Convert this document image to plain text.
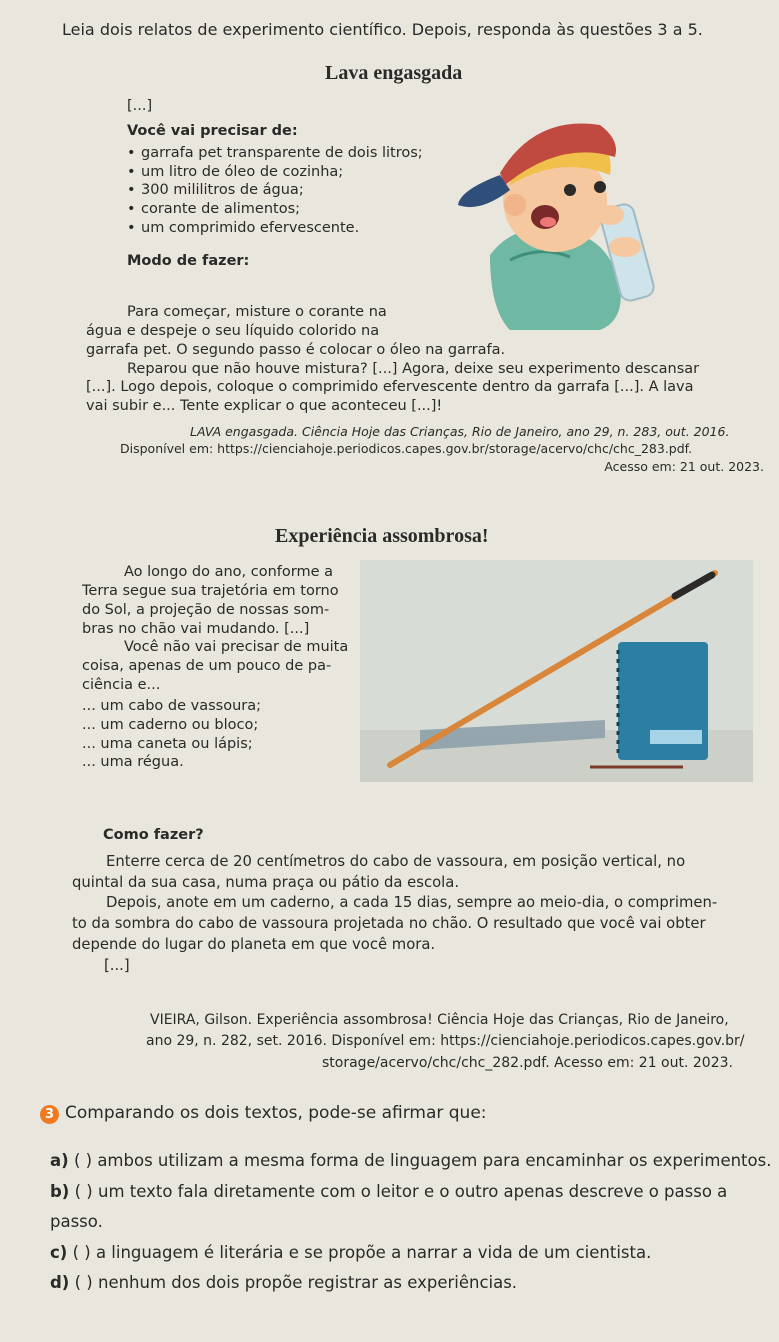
Leia dois relatos de experimento científico. Depois, responda às questões 3 a 5.
Lava engasgada
[...]
Você vai precisar de:
• garrafa pet transparente de dois litros;
• um litro de óleo de cozinha;
• 300 mililitros de água;
• corante de alimentos;
• um comprimido efervescente.
Modo de fazer:
Para começar, misture o corante na
água e despeje o seu líquido colorido na
garrafa pet. O segundo passo é colocar o óleo na garrafa.
Reparou que não houve mistura? [...] Agora, deixe seu experimento descansar
[...]. Logo depois, coloque o comprimido efervescente dentro da garrafa [...]. A lava
vai subir e... Tente explicar o que aconteceu [...]!
LAVA engasgada. Ciência Hoje das Crianças, Rio de Janeiro, ano 29, n. 283, out. 2016.
Disponível em: https://cienciahoje.periodicos.capes.gov.br/storage/acervo/chc/chc_283.pdf.
Acesso em: 21 out. 2023.
Experiência assombrosa!
Ao longo do ano, conforme a
Terra segue sua trajetória em torno
do Sol, a projeção de nossas som-
bras no chão vai mudando. [...]
Você não vai precisar de muita
coisa, apenas de um pouco de pa-
ciência e...
... um cabo de vassoura;
... um caderno ou bloco;
... uma caneta ou lápis;
... uma régua.
Como fazer?
Enterre cerca de 20 centímetros do cabo de vassoura, em posição vertical, no
quintal da sua casa, numa praça ou pátio da escola.
Depois, anote em um caderno, a cada 15 dias, sempre ao meio-dia, o comprimen-
to da sombra do cabo de vassoura projetada no chão. O resultado que você vai obter
depende do lugar do planeta em que você mora.
[...]
VIEIRA, Gilson. Experiência assombrosa! Ciência Hoje das Crianças, Rio de Janeiro,
ano 29, n. 282, set. 2016. Disponível em: https://cienciahoje.periodicos.capes.gov.br/
storage/acervo/chc/chc_282.pdf. Acesso em: 21 out. 2023.
3 Comparando os dois textos, pode-se afirmar que:
a) ( ) ambos utilizam a mesma forma de linguagem para encaminhar os experimentos.
b) ( ) um texto fala diretamente com o leitor e o outro apenas descreve o passo a passo.
c) ( ) a linguagem é literária e se propõe a narrar a vida de um cientista.
d) ( ) nenhum dos dois propõe registrar as experiências.
